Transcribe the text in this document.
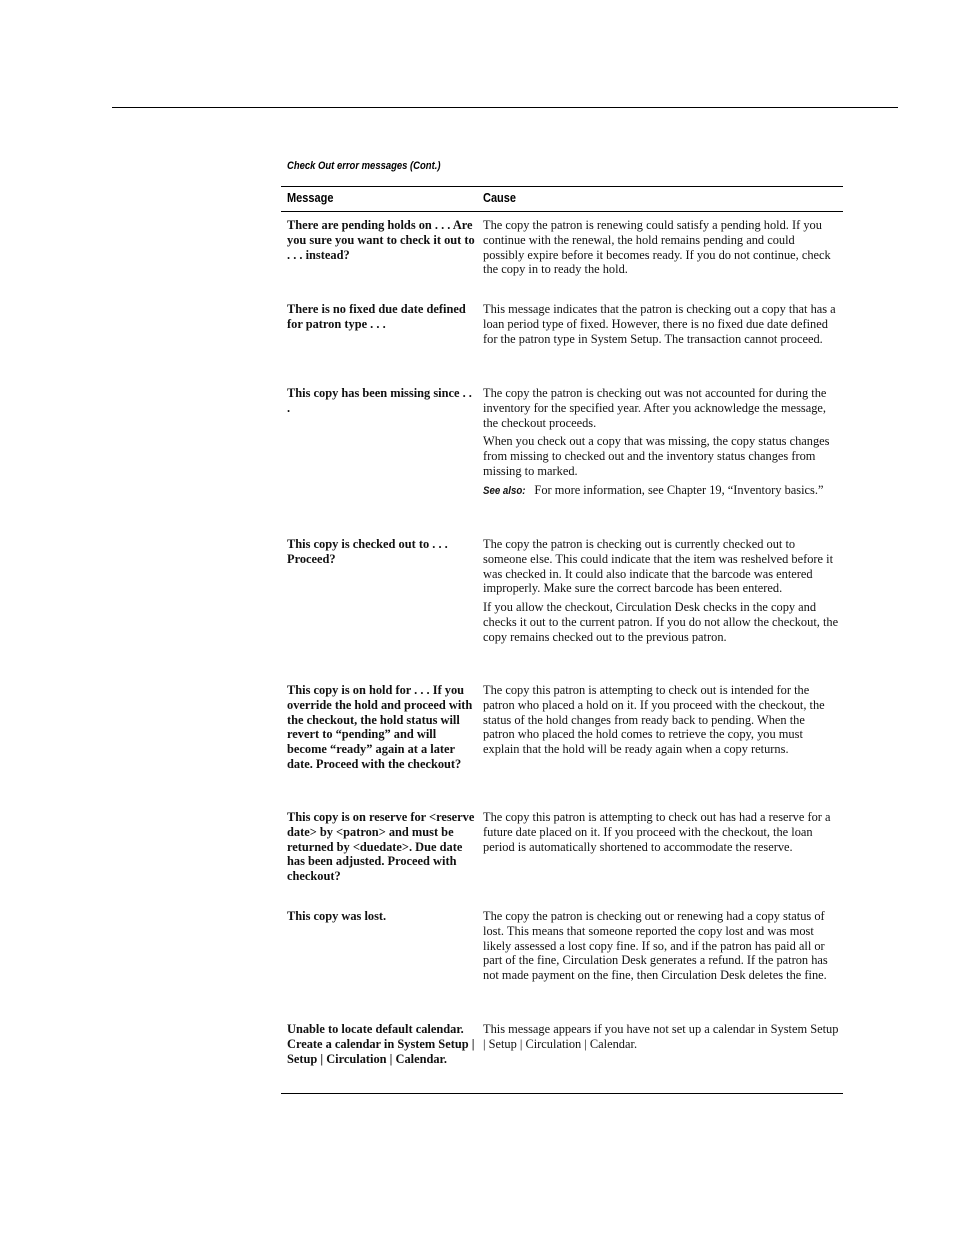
Check Out error messages (Cont.)
Message	Cause
There are pending holds on . . . Are you sure you want to check it out to . . . instead?

The copy the patron is renewing could satisfy a pending hold. If you continue with the renewal, the hold remains pending and could possibly expire before it becomes ready. If you do not continue, check the copy in to ready the hold.

There is no fixed due date defined for patron type . . .

This message indicates that the patron is checking out a copy that has a loan period type of fixed. However, there is no fixed due date defined for the patron type in System Setup. The transaction cannot proceed.

This copy has been missing since . . .

The copy the patron is checking out was not accounted for during the inventory for the specified year. After you acknowledge the message, the checkout proceeds.

When you check out a copy that was missing, the copy status changes from missing to checked out and the inventory status changes from missing to marked.

See also: For more information, see Chapter 19, “Inventory basics.”

This copy is checked out to . . . Proceed?

The copy the patron is checking out is currently checked out to someone else. This could indicate that the item was reshelved before it was checked in. It could also indicate that the barcode was entered improperly. Make sure the correct barcode has been entered.

If you allow the checkout, Circulation Desk checks in the copy and checks it out to the current patron. If you do not allow the checkout, the copy remains checked out to the previous patron.

This copy is on hold for . . . If you override the hold and proceed with the checkout, the hold status will revert to “pending” and will become “ready” again at a later date. Proceed with the checkout?

The copy this patron is attempting to check out is intended for the patron who placed a hold on it. If you proceed with the checkout, the status of the hold changes from ready back to pending. When the patron who placed the hold comes to retrieve the copy, you must explain that the hold will be ready again when a copy returns.

This copy is on reserve for <reserve date> by <patron> and must be returned by <duedate>. Due date has been adjusted. Proceed with checkout?

The copy this patron is attempting to check out has had a reserve for a future date placed on it. If you proceed with the checkout, the loan period is automatically shortened to accommodate the reserve.

This copy was lost.	The copy the patron is checking out or renewing had a copy status of lost. This means that someone reported the copy lost and was most likely assessed a lost copy fine. If so, and if the patron has paid all or part of the fine, Circulation Desk generates a refund. If the patron has not made payment on the fine, then Circulation Desk deletes the fine.

Unable to locate default calendar. Create a calendar in System Setup | Setup | Circulation | Calendar.

This message appears if you have not set up a calendar in System Setup | Setup | Circulation | Calendar.
